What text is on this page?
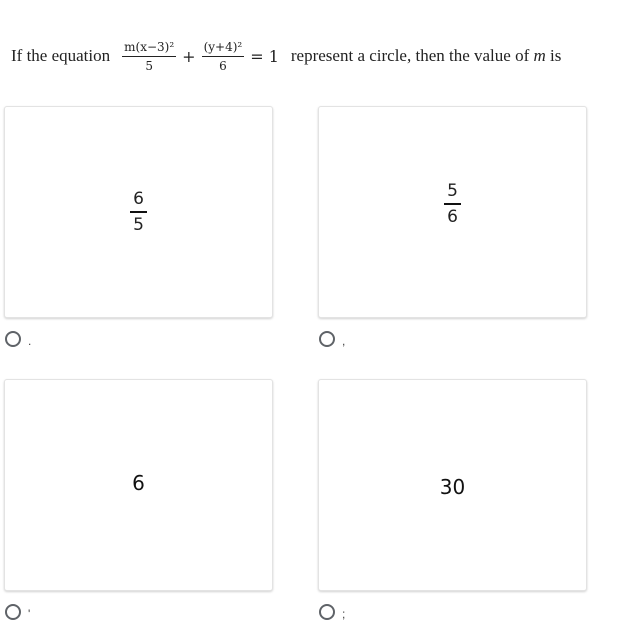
If the equation $\frac{\text{m(x−3)²}}{5} + \frac{\text{(y+4)²}}{6} = 1$ represent a circle, then the value of
m
is
$\frac{6}{5}$
.
$\frac{5}{6}$
,
6
'
30
;
